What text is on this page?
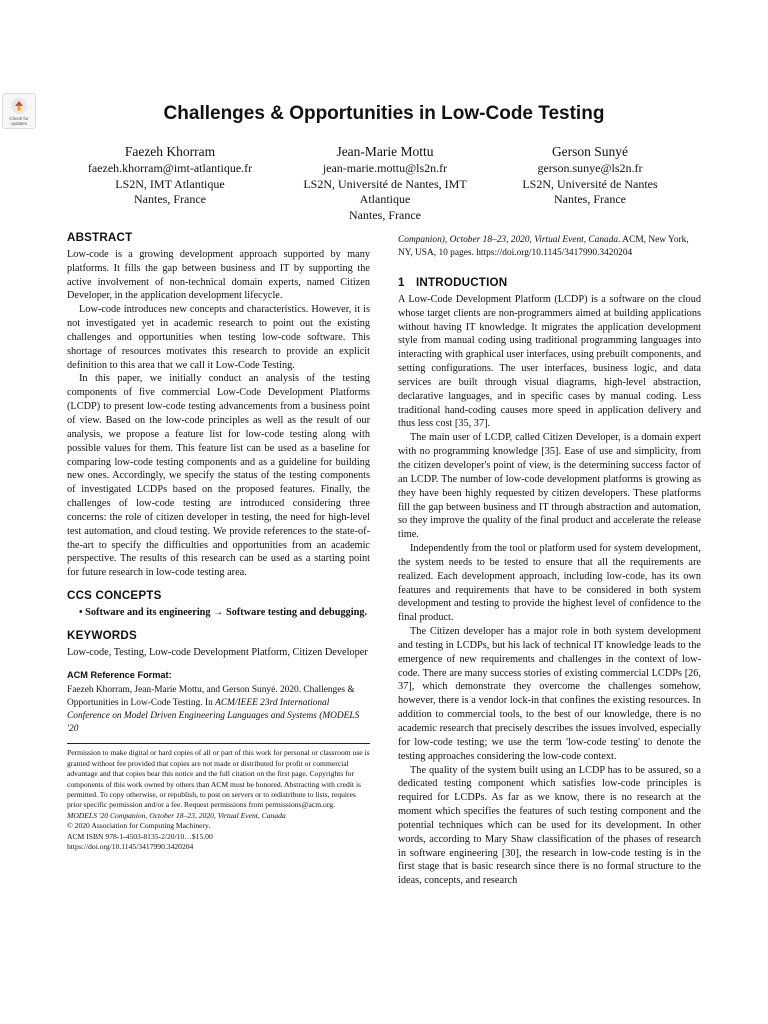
Check for
updates	Challenges & Opportunities in Low-Code Testing
Faezeh Khorram
faezeh.khorram@imt-atlantique.fr
LS2N, IMT Atlantique
Nantes, France
Jean-Marie Mottu
jean-marie.mottu@ls2n.fr
LS2N, Université de Nantes, IMT
Atlantique
Nantes, France
Gerson Sunyé
gerson.sunye@ls2n.fr
LS2N, Université de Nantes
Nantes, France
ABSTRACT

Low-code is a growing development approach supported by many platforms. It fills the gap between business and IT by supporting the active involvement of non-technical domain experts, named Citizen Developer, in the application development lifecycle.

Low-code introduces new concepts and characteristics. However, it is not investigated yet in academic research to point out the existing challenges and opportunities when testing low-code software. This shortage of resources motivates this research to provide an explicit definition to this area that we call it Low-Code Testing.

In this paper, we initially conduct an analysis of the testing components of five commercial Low-Code Development Platforms (LCDP) to present low-code testing advancements from a business point of view. Based on the low-code principles as well as the result of our analysis, we propose a feature list for low-code testing along with possible values for them. This feature list can be used as a baseline for comparing low-code testing components and as a guideline for building new ones. Accordingly, we specify the status of the testing components of investigated LCDPs based on the proposed features. Finally, the challenges of low-code testing are introduced considering three concerns: the role of citizen developer in testing, the need for high-level test automation, and cloud testing. We provide references to the state-of-the-art to specify the difficulties and opportunities from an academic perspective. The results of this research can be used as a starting point for future research in low-code testing area.

CCS CONCEPTS

• Software and its engineering → Software testing and debugging.

KEYWORDS

Low-code, Testing, Low-code Development Platform, Citizen Developer

ACM Reference Format:
Faezeh Khorram, Jean-Marie Mottu, and Gerson Sunyé. 2020. Challenges & Opportunities in Low-Code Testing. In ACM/IEEE 23rd International Conference on Model Driven Engineering Languages and Systems (MODELS '20
Permission to make digital or hard copies of all or part of this work for personal or classroom use is granted without fee provided that copies are not made or distributed for profit or commercial advantage and that copies bear this notice and the full citation on the first page. Copyrights for components of this work owned by others than ACM must be honored. Abstracting with credit is permitted. To copy otherwise, or republish, to post on servers or to redistribute to lists, requires prior specific permission and/or a fee. Request permissions from permissions@acm.org.
MODELS '20 Companion, October 18–23, 2020, Virtual Event, Canada
© 2020 Association for Computing Machinery.
ACM ISBN 978-1-4503-8135-2/20/10…$15.00
https://doi.org/10.1145/3417990.3420204
Companion), October 18–23, 2020, Virtual Event, Canada. ACM, New York, NY, USA, 10 pages. https://doi.org/10.1145/3417990.3420204
1 INTRODUCTION

A Low-Code Development Platform (LCDP) is a software on the cloud whose target clients are non-programmers aimed at building applications without having IT knowledge. It migrates the application development style from manual coding using traditional programming languages into interacting with graphical user interfaces, using prebuilt components, and setting configurations. The user interfaces, business logic, and data services are built through visual diagrams, high-level abstraction, declarative languages, and in specific cases by manual coding. Less traditional hand-coding causes more speed in application delivery and thus less cost [35, 37].

The main user of LCDP, called Citizen Developer, is a domain expert with no programming knowledge [35]. Ease of use and simplicity, from the citizen developer's point of view, is the determining success factor of an LCDP. The number of low-code development platforms is growing as they have been highly requested by citizen developers. These platforms fill the gap between business and IT through abstraction and automation, so they improve the quality of the final product and accelerate the release time.

Independently from the tool or platform used for system development, the system needs to be tested to ensure that all the requirements are realized. Each development approach, including low-code, has its own features and requirements that have to be considered in both system development and testing to provide the highest level of confidence to the final product.

The Citizen developer has a major role in both system development and testing in LCDPs, but his lack of technical IT knowledge leads to the emergence of new requirements and challenges in the context of low-code. There are many success stories of existing commercial LCDPs [26, 37], which demonstrate they overcome the challenges somehow, however, there is a vendor lock-in that confines the existing resources. In addition to commercial tools, to the best of our knowledge, there is no academic research that precisely describes the issues involved, especially for low-code testing; we use the term 'low-code testing' to denote the testing approaches considering the low-code context.

The quality of the system built using an LCDP has to be assured, so a dedicated testing component which satisfies low-code principles is required for LCDPs. As far as we know, there is no research at the moment which specifies the features of such testing component and the potential techniques which can be used for its development. In other words, according to Mary Shaw classification of the phases of research in software engineering [30], the research in low-code testing is in the first stage that is basic research since there is no formal structure to the ideas, concepts, and research
